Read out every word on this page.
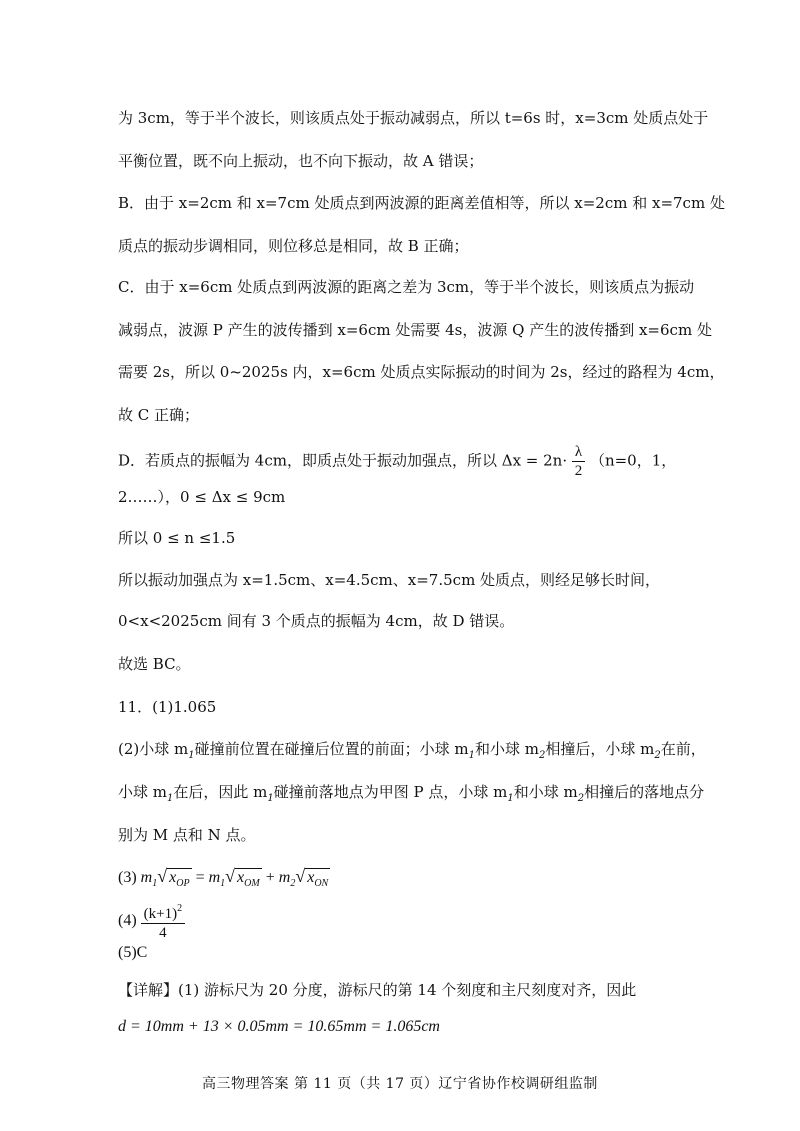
为 3cm，等于半个波长，则该质点处于振动减弱点，所以 t=6s 时，x=3cm 处质点处于
平衡位置，既不向上振动，也不向下振动，故 A 错误；
B．由于 x=2cm 和 x=7cm 处质点到两波源的距离差值相等，所以 x=2cm 和 x=7cm 处
质点的振动步调相同，则位移总是相同，故 B 正确；
C．由于 x=6cm 处质点到两波源的距离之差为 3cm，等于半个波长，则该质点为振动
减弱点，波源 P 产生的波传播到 x=6cm 处需要 4s，波源 Q 产生的波传播到 x=6cm 处
需要 2s，所以 0~2025s 内，x=6cm 处质点实际振动的时间为 2s，经过的路程为 4cm，
故 C 正确；
D．若质点的振幅为 4cm，即质点处于振动加强点，所以 $\Delta x = 2n\cdot \frac{\lambda}{2} (n=0$，1，
2……），0 ≤ Δx ≤ 9cm
所以 0 ≤ n ≤1.5
所以振动加强点为 x=1.5cm、x=4.5cm、x=7.5cm 处质点，则经足够长时间，
0<x<2025cm 间有 3 个质点的振幅为 4cm，故 D 错误。
故选 BC。
11．(1)1.065
(2)小球 $m_1$碰撞前位置在碰撞后位置的前面；小球 $m_1$和小球 $m_2$相撞后，小球 $m_2$在前，
小球 $m_1$在后，因此 $m_1$碰撞前落地点为甲图 P 点，小球 $m_1$和小球 $m_2$相撞后的落地点分
别为 M 点和 N 点。
(3) $m_1√$ $x_{OP} = m_1√$ $x_{OM} + m_2√$ $x_{ON}$
$(4) \frac{(k+1)^2}{4}$
(5)C
【详解】(1) 游标尺为 20 分度，游标尺的第 14 个刻度和主尺刻度对齐，因此
d = 10mm + 13 × 0.05mm = 10.65mm = 1.065cm
高三物理答案 第 11 页（共 17 页）辽宁省协作校调研组监制
